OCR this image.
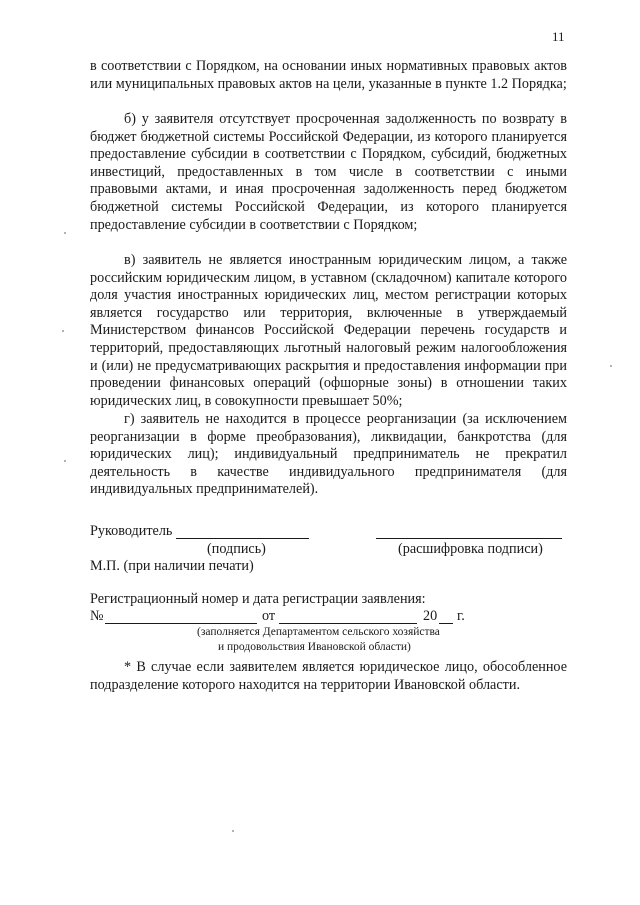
11

в соответствии с Порядком, на основании иных нормативных правовых актов или муниципальных правовых актов на цели, указанные в пункте 1.2 Порядка;

б) у заявителя отсутствует просроченная задолженность по возврату в бюджет бюджетной системы Российской Федерации, из которого планируется предоставление субсидии в соответствии с Порядком, субсидий, бюджетных инвестиций, предоставленных в том числе в соответствии с иными правовыми актами, и иная просроченная задолженность перед бюджетом бюджетной системы Российской Федерации, из которого планируется предоставление субсидии в соответствии с Порядком;

в) заявитель не является иностранным юридическим лицом, а также российским юридическим лицом, в уставном (складочном) капитале которого доля участия иностранных юридических лиц, местом регистрации которых является государство или территория, включенные в утверждаемый Министерством финансов Российской Федерации перечень государств и территорий, предоставляющих льготный налоговый режим налогообложения и (или) не предусматривающих раскрытия и предоставления информации при проведении финансовых операций (офшорные зоны) в отношении таких юридических лиц, в совокупности превышает 50%;

г) заявитель не находится в процессе реорганизации (за исключением реорганизации в форме преобразования), ликвидации, банкротства (для юридических лиц); индивидуальный предприниматель не прекратил деятельность в качестве индивидуального предпринимателя (для индивидуальных предпринимателей).

Руководитель
(подпись)	(расшифровка подписи)
М.П. (при наличии печати)
Регистрационный номер и дата регистрации заявления:
№	от	20 г.
(заполняется Департаментом сельского хозяйства
и продовольствия Ивановской области)

* В случае если заявителем является юридическое лицо, обособленное подразделение которого находится на территории Ивановской области.
